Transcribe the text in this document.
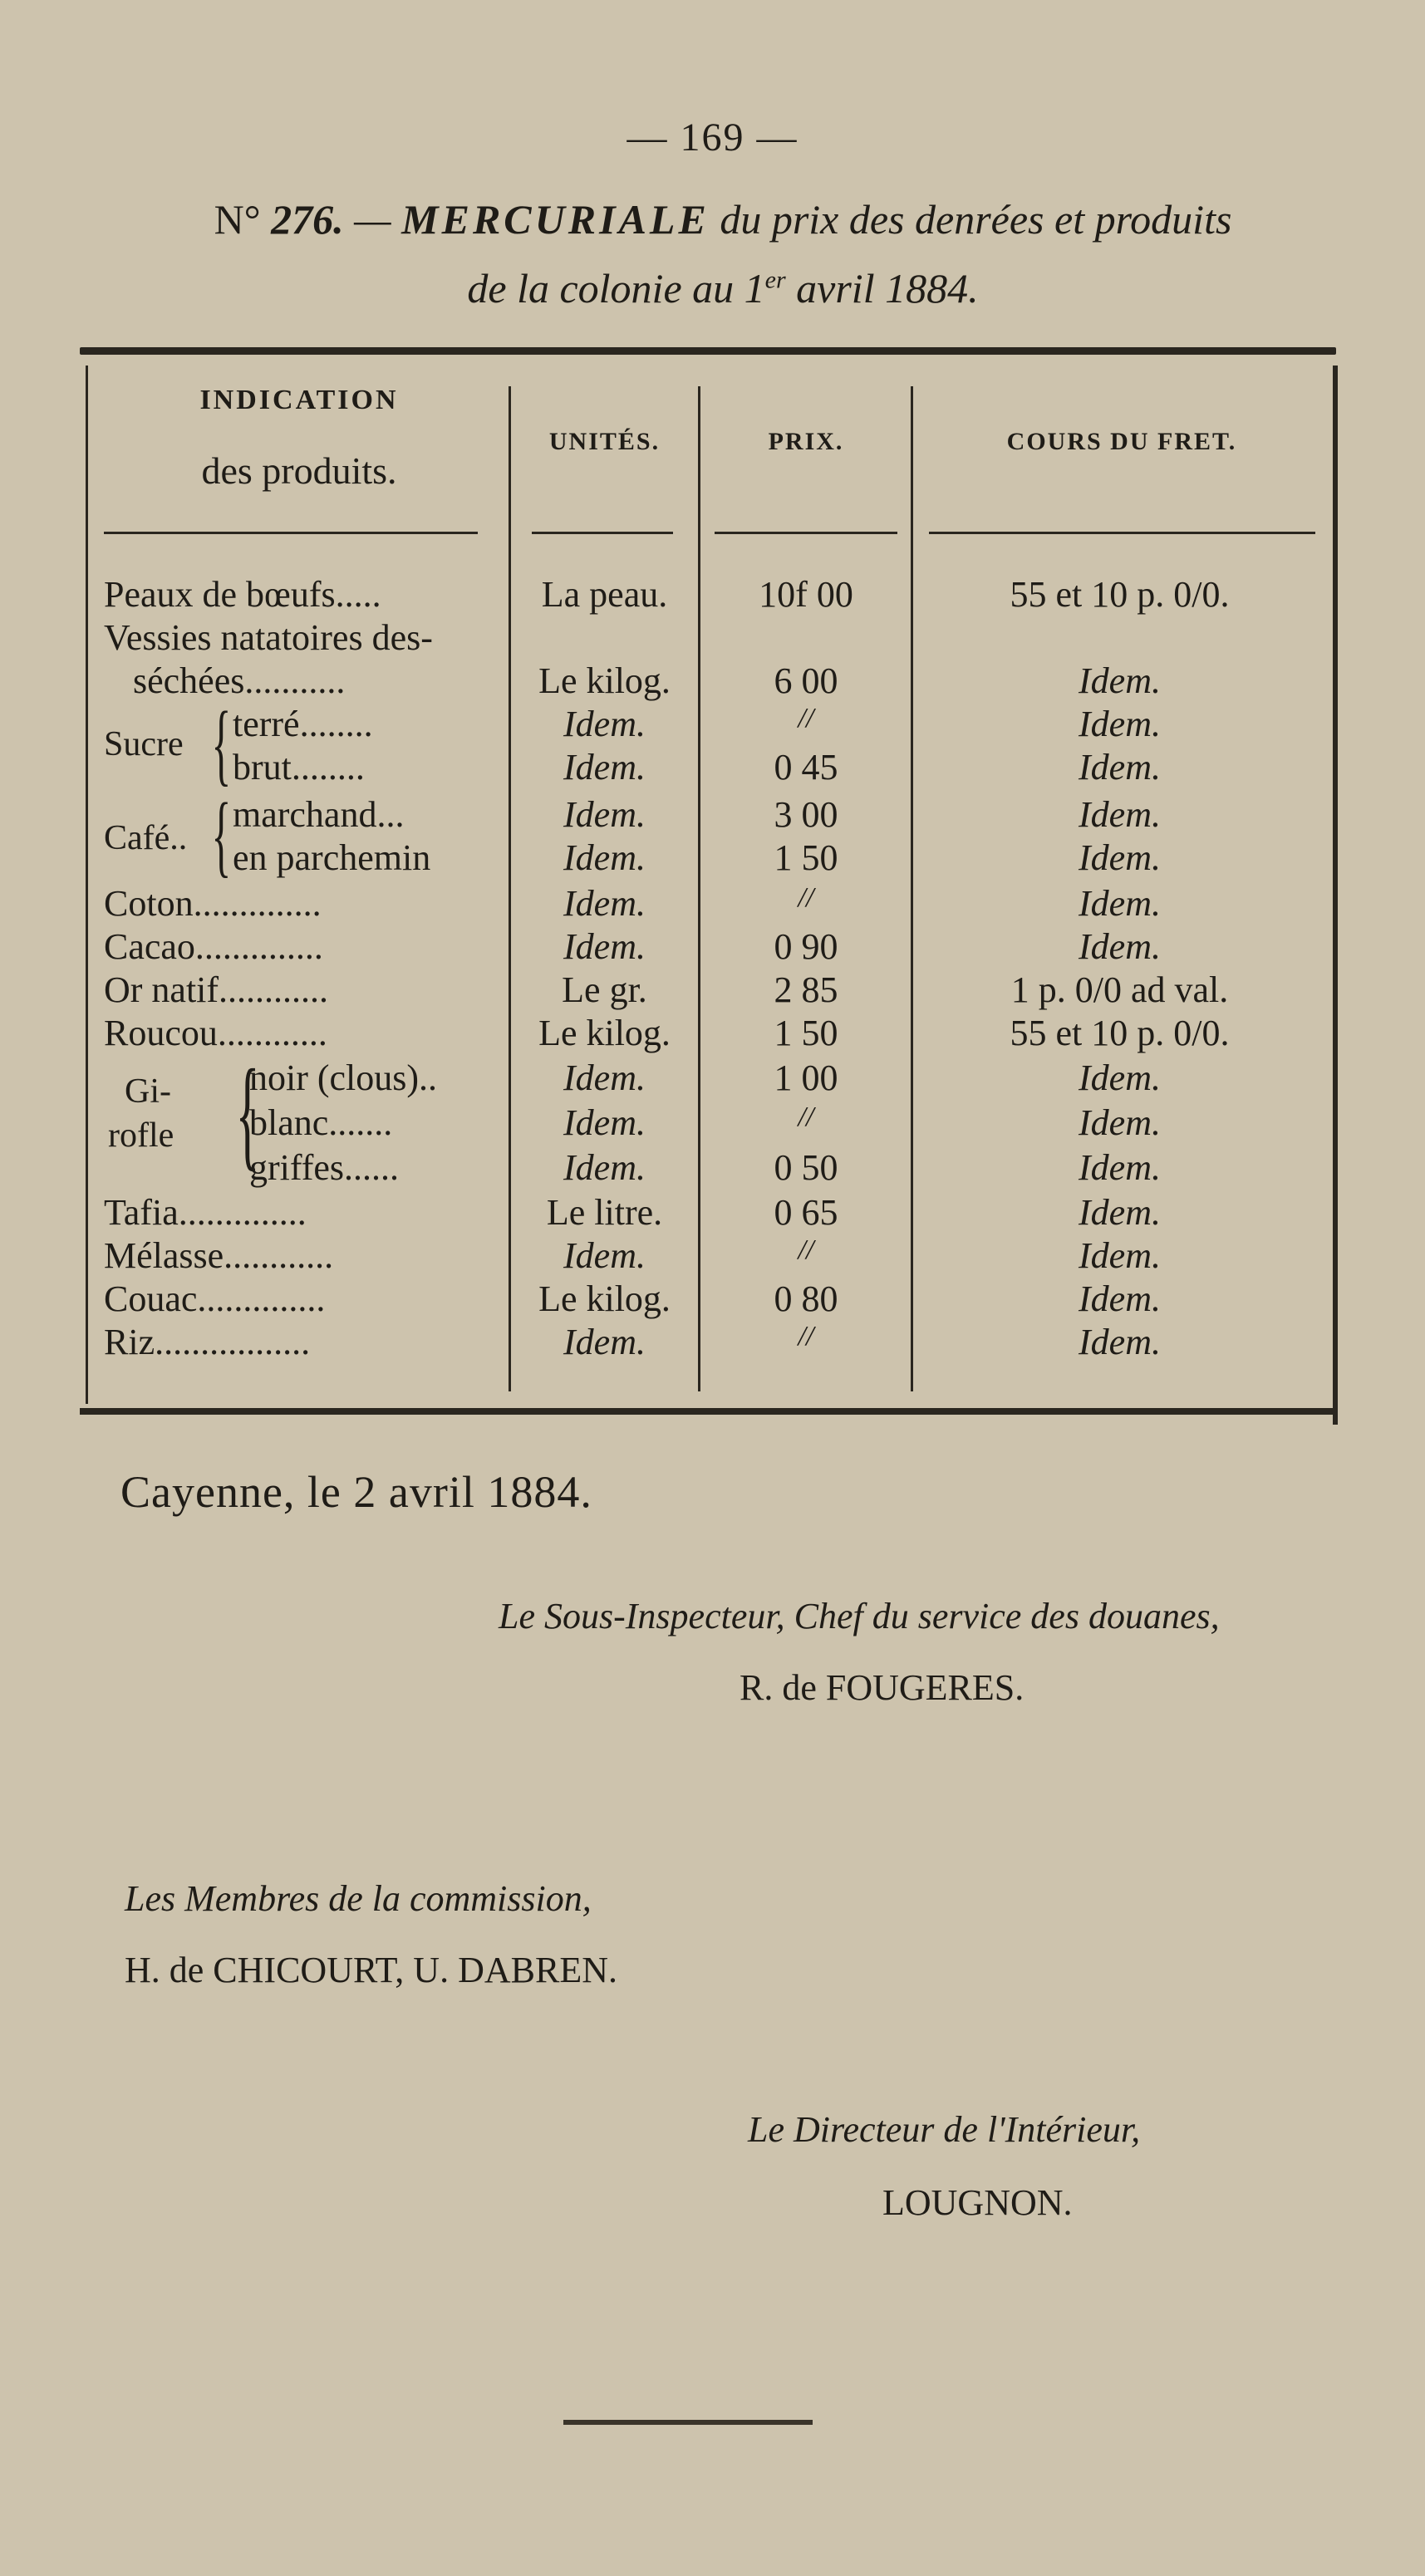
— 169 —
N° 276. — MERCURIALE du prix des denrées et produits
de la colonie au 1er avril 1884.
INDICATION
des produits.
UNITÉS.	PRIX.	COURS DU FRET.
Peaux de bœufs.....	La peau.	10f 00	55 et 10 p. 0/0.
Vessies natatoires des-
séchées...........	Le kilog.	6 00	Idem.
Sucre { terré........	Idem.	//	Idem.
brut........	Idem.	0 45	Idem.
Café.. { marchand...	Idem.	3 00	Idem.
en parchemin	Idem.	1 50	Idem.
Coton..............	Idem.	//	Idem.
Cacao..............	Idem.	0 90	Idem.
Or natif............	Le gr.	2 85	1 p. 0/0 ad val.
Roucou............	Le kilog.	1 50	55 et 10 p. 0/0.
Gi-
rofle {
noir (clous)..	Idem.	1 00	Idem.
blanc.......	Idem.	//	Idem.
griffes......	Idem.	0 50	Idem.
Tafia..............	Le litre.	0 65	Idem.
Mélasse............	Idem.	//	Idem.
Couac..............	Le kilog.	0 80	Idem.
Riz.................	Idem.	//	Idem.
Cayenne, le 2 avril 1884.
Le Sous-Inspecteur, Chef du service des douanes,
R. de FOUGERES.
Les Membres de la commission,
H. de CHICOURT, U. DABREN.
Le Directeur de l'Intérieur,
LOUGNON.
